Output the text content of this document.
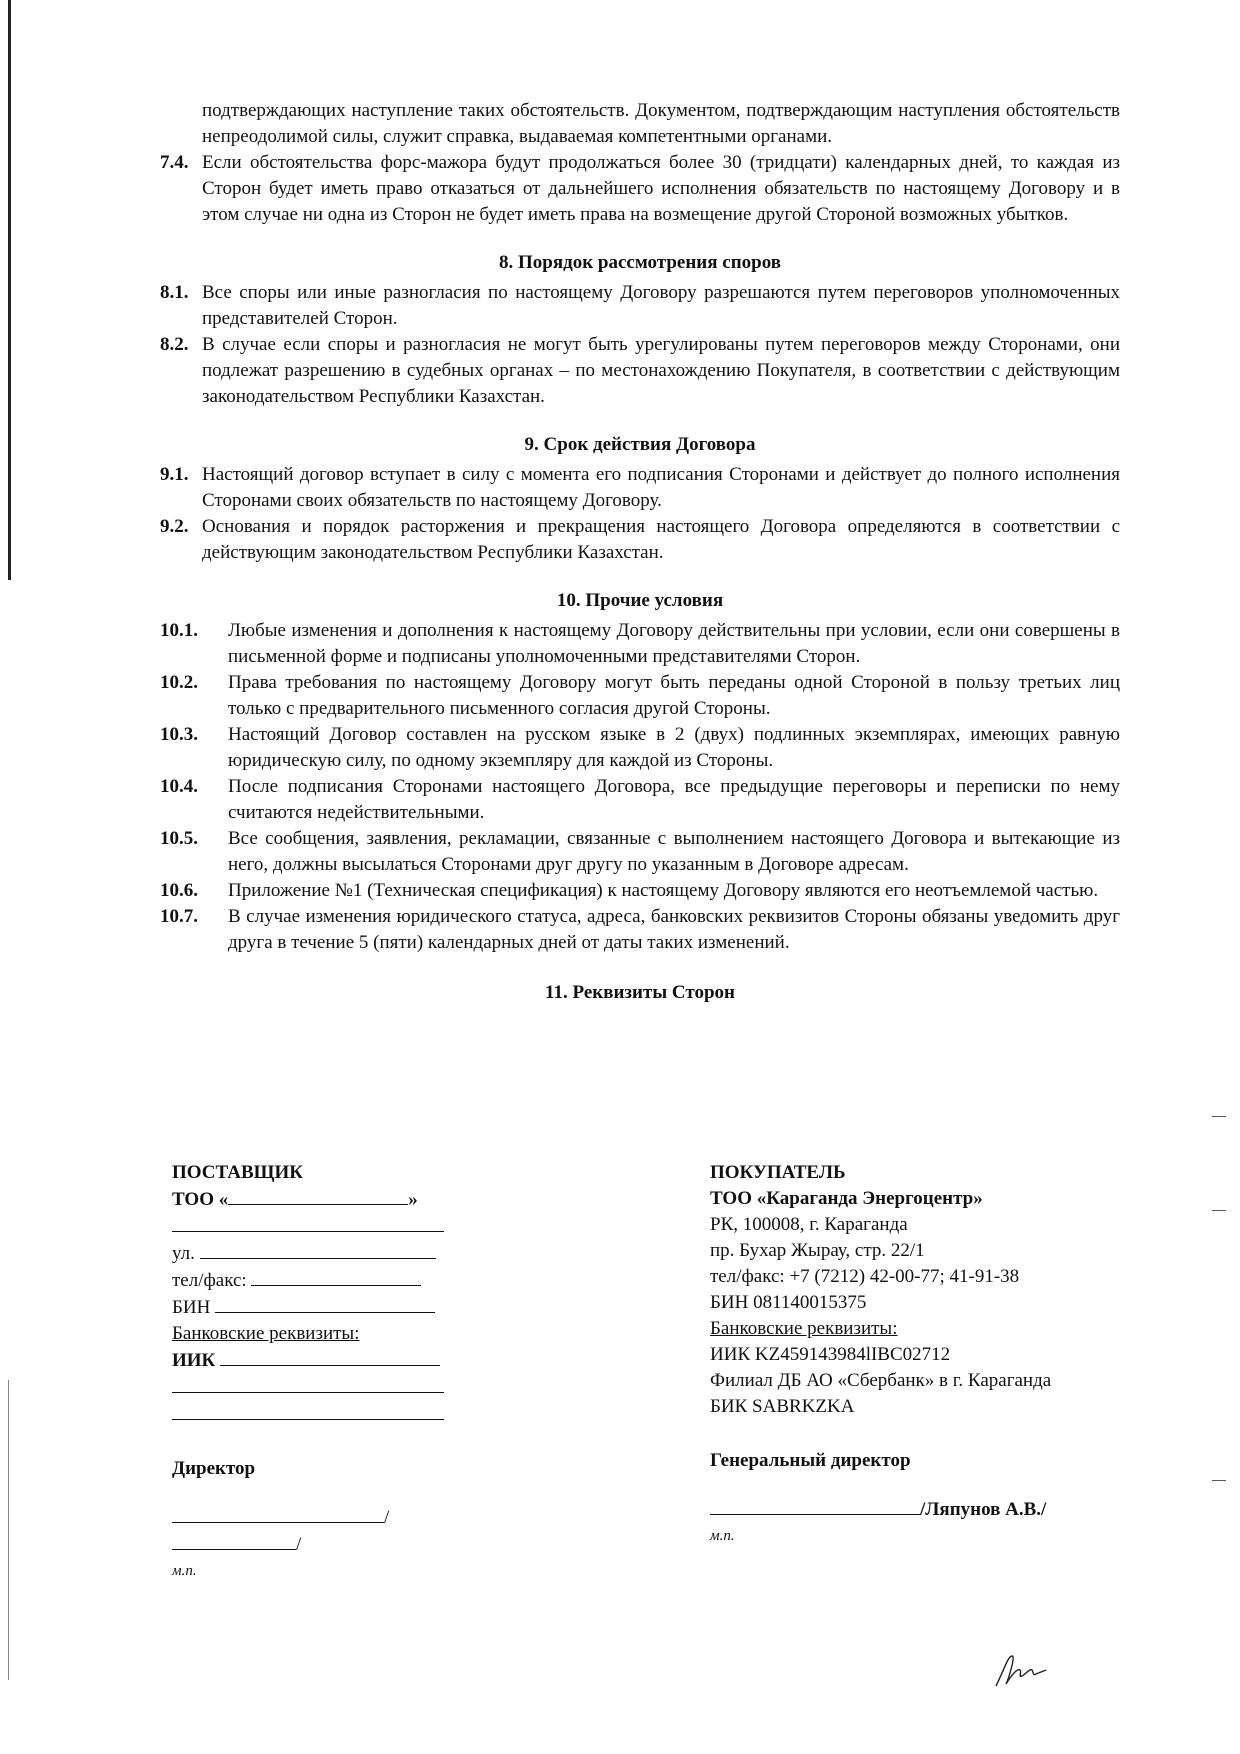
подтверждающих наступление таких обстоятельств. Документом, подтверждающим наступления обстоятельств непреодолимой силы, служит справка, выдаваемая компетентными органами.

7.4. Если обстоятельства форс-мажора будут продолжаться более 30 (тридцати) календарных дней, то каждая из Сторон будет иметь право отказаться от дальнейшего исполнения обязательств по настоящему Договору и в этом случае ни одна из Сторон не будет иметь права на возмещение другой Стороной возможных убытков.
8. Порядок рассмотрения споров
8.1. Все споры или иные разногласия по настоящему Договору разрешаются путем переговоров уполномоченных представителей Сторон.
8.2. В случае если споры и разногласия не могут быть урегулированы путем переговоров между Сторонами, они подлежат разрешению в судебных органах – по местонахождению Покупателя, в соответствии с действующим законодательством Республики Казахстан.
9. Срок действия Договора
9.1. Настоящий договор вступает в силу с момента его подписания Сторонами и действует до полного исполнения Сторонами своих обязательств по настоящему Договору.
9.2. Основания и порядок расторжения и прекращения настоящего Договора определяются в соответствии с действующим законодательством Республики Казахстан.
10. Прочие условия
10.1.	Любые изменения и дополнения к настоящему Договору действительны при условии, если они совершены в письменной форме и подписаны уполномоченными представителями Сторон.
10.2.	Права требования по настоящему Договору могут быть переданы одной Стороной в пользу третьих лиц только с предварительного письменного согласия другой Стороны.
10.3.	Настоящий Договор составлен на русском языке в 2 (двух) подлинных экземплярах, имеющих равную юридическую силу, по одному экземпляру для каждой из Стороны.
10.4.	После подписания Сторонами настоящего Договора, все предыдущие переговоры и переписки по нему считаются недействительными.
10.5.	Все сообщения, заявления, рекламации, связанные с выполнением настоящего Договора и вытекающие из него, должны высылаться Сторонами друг другу по указанным в Договоре адресам.
10.6.	Приложение №1 (Техническая спецификация) к настоящему Договору являются его неотъемлемой частью.
10.7.	В случае изменения юридического статуса, адреса, банковских реквизитов Стороны обязаны уведомить друг друга в течение 5 (пяти) календарных дней от даты таких изменений.
11. Реквизиты Сторон
ПОСТАВЩИК
ТОО «	»
ул.
тел/факс:
БИН
Банковские реквизиты:
ИИК
Директор
//
м.п.
ПОКУПАТЕЛЬ
ТОО «Караганда Энергоцентр»
РК, 100008, г. Караганда
пр. Бухар Жырау, стр. 22/1
тел/факс: +7 (7212) 42-00-77; 41-91-38
БИН 081140015375
Банковские реквизиты:
ИИК KZ459143984lIBC02712
Филиал ДБ АО «Сбербанк» в г. Караганда
БИК SABRKZKA
Генеральный директор
/Ляпунов А.В./
м.п.
